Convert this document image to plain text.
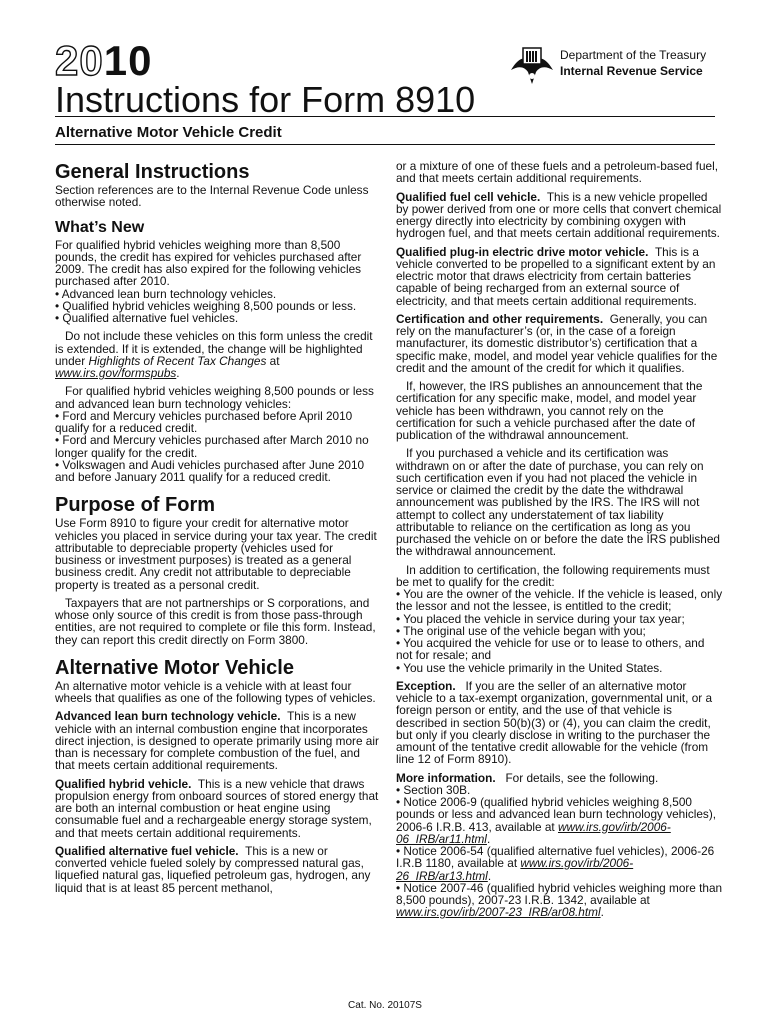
2010
Instructions for Form 8910
Alternative Motor Vehicle Credit
Department of the Treasury
Internal Revenue Service
General Instructions

Section references are to the Internal Revenue Code unless otherwise noted.

What’s New

For qualified hybrid vehicles weighing more than 8,500 pounds, the credit has expired for vehicles purchased after 2009. The credit has also expired for the following vehicles purchased after 2010.

• Advanced lean burn technology vehicles.

• Qualified hybrid vehicles weighing 8,500 pounds or less.

• Qualified alternative fuel vehicles.

Do not include these vehicles on this form unless the credit is extended. If it is extended, the change will be highlighted under Highlights of Recent Tax Changes at www.irs.gov/formspubs.

For qualified hybrid vehicles weighing 8,500 pounds or less and advanced lean burn technology vehicles:

• Ford and Mercury vehicles purchased before April 2010 qualify for a reduced credit.

• Ford and Mercury vehicles purchased after March 2010 no longer qualify for the credit.

• Volkswagen and Audi vehicles purchased after June 2010 and before January 2011 qualify for a reduced credit.

Purpose of Form

Use Form 8910 to figure your credit for alternative motor vehicles you placed in service during your tax year. The credit attributable to depreciable property (vehicles used for business or investment purposes) is treated as a general business credit. Any credit not attributable to depreciable property is treated as a personal credit.

Taxpayers that are not partnerships or S corporations, and whose only source of this credit is from those pass-through entities, are not required to complete or file this form. Instead, they can report this credit directly on Form 3800.

Alternative Motor Vehicle

An alternative motor vehicle is a vehicle with at least four wheels that qualifies as one of the following types of vehicles.

Advanced lean burn technology vehicle. This is a new vehicle with an internal combustion engine that incorporates direct injection, is designed to operate primarily using more air than is necessary for complete combustion of the fuel, and that meets certain additional requirements.

Qualified hybrid vehicle. This is a new vehicle that draws propulsion energy from onboard sources of stored energy that are both an internal combustion or heat engine using consumable fuel and a rechargeable energy storage system, and that meets certain additional requirements.

Qualified alternative fuel vehicle. This is a new or converted vehicle fueled solely by compressed natural gas, liquefied natural gas, liquefied petroleum gas, hydrogen, any liquid that is at least 85 percent methanol,

or a mixture of one of these fuels and a petroleum-based fuel, and that meets certain additional requirements.

Qualified fuel cell vehicle. This is a new vehicle propelled by power derived from one or more cells that convert chemical energy directly into electricity by combining oxygen with hydrogen fuel, and that meets certain additional requirements.

Qualified plug-in electric drive motor vehicle. This is a vehicle converted to be propelled to a significant extent by an electric motor that draws electricity from certain batteries capable of being recharged from an external source of electricity, and that meets certain additional requirements.

Certification and other requirements. Generally, you can rely on the manufacturer’s (or, in the case of a foreign manufacturer, its domestic distributor’s) certification that a specific make, model, and model year vehicle qualifies for the credit and the amount of the credit for which it qualifies.

If, however, the IRS publishes an announcement that the certification for any specific make, model, and model year vehicle has been withdrawn, you cannot rely on the certification for such a vehicle purchased after the date of publication of the withdrawal announcement.

If you purchased a vehicle and its certification was withdrawn on or after the date of purchase, you can rely on such certification even if you had not placed the vehicle in service or claimed the credit by the date the withdrawal announcement was published by the IRS. The IRS will not attempt to collect any understatement of tax liability attributable to reliance on the certification as long as you purchased the vehicle on or before the date the IRS published the withdrawal announcement.

In addition to certification, the following requirements must be met to qualify for the credit:

• You are the owner of the vehicle. If the vehicle is leased, only the lessor and not the lessee, is entitled to the credit;

• You placed the vehicle in service during your tax year;

• The original use of the vehicle began with you;

• You acquired the vehicle for use or to lease to others, and not for resale; and

• You use the vehicle primarily in the United States.

Exception. If you are the seller of an alternative motor vehicle to a tax-exempt organization, governmental unit, or a foreign person or entity, and the use of that vehicle is described in section 50(b)(3) or (4), you can claim the credit, but only if you clearly disclose in writing to the purchaser the amount of the tentative credit allowable for the vehicle (from line 12 of Form 8910).

More information. For details, see the following.

• Section 30B.

• Notice 2006-9 (qualified hybrid vehicles weighing 8,500 pounds or less and advanced lean burn technology vehicles), 2006-6 I.R.B. 413, available at www.irs.gov/irb/2006-06_IRB/ar11.html.

• Notice 2006-54 (qualified alternative fuel vehicles), 2006-26 I.R.B 1180, available at www.irs.gov/irb/2006-26_IRB/ar13.html.

• Notice 2007-46 (qualified hybrid vehicles weighing more than 8,500 pounds), 2007-23 I.R.B. 1342, available at www.irs.gov/irb/2007-23_IRB/ar08.html.

Cat. No. 20107S
